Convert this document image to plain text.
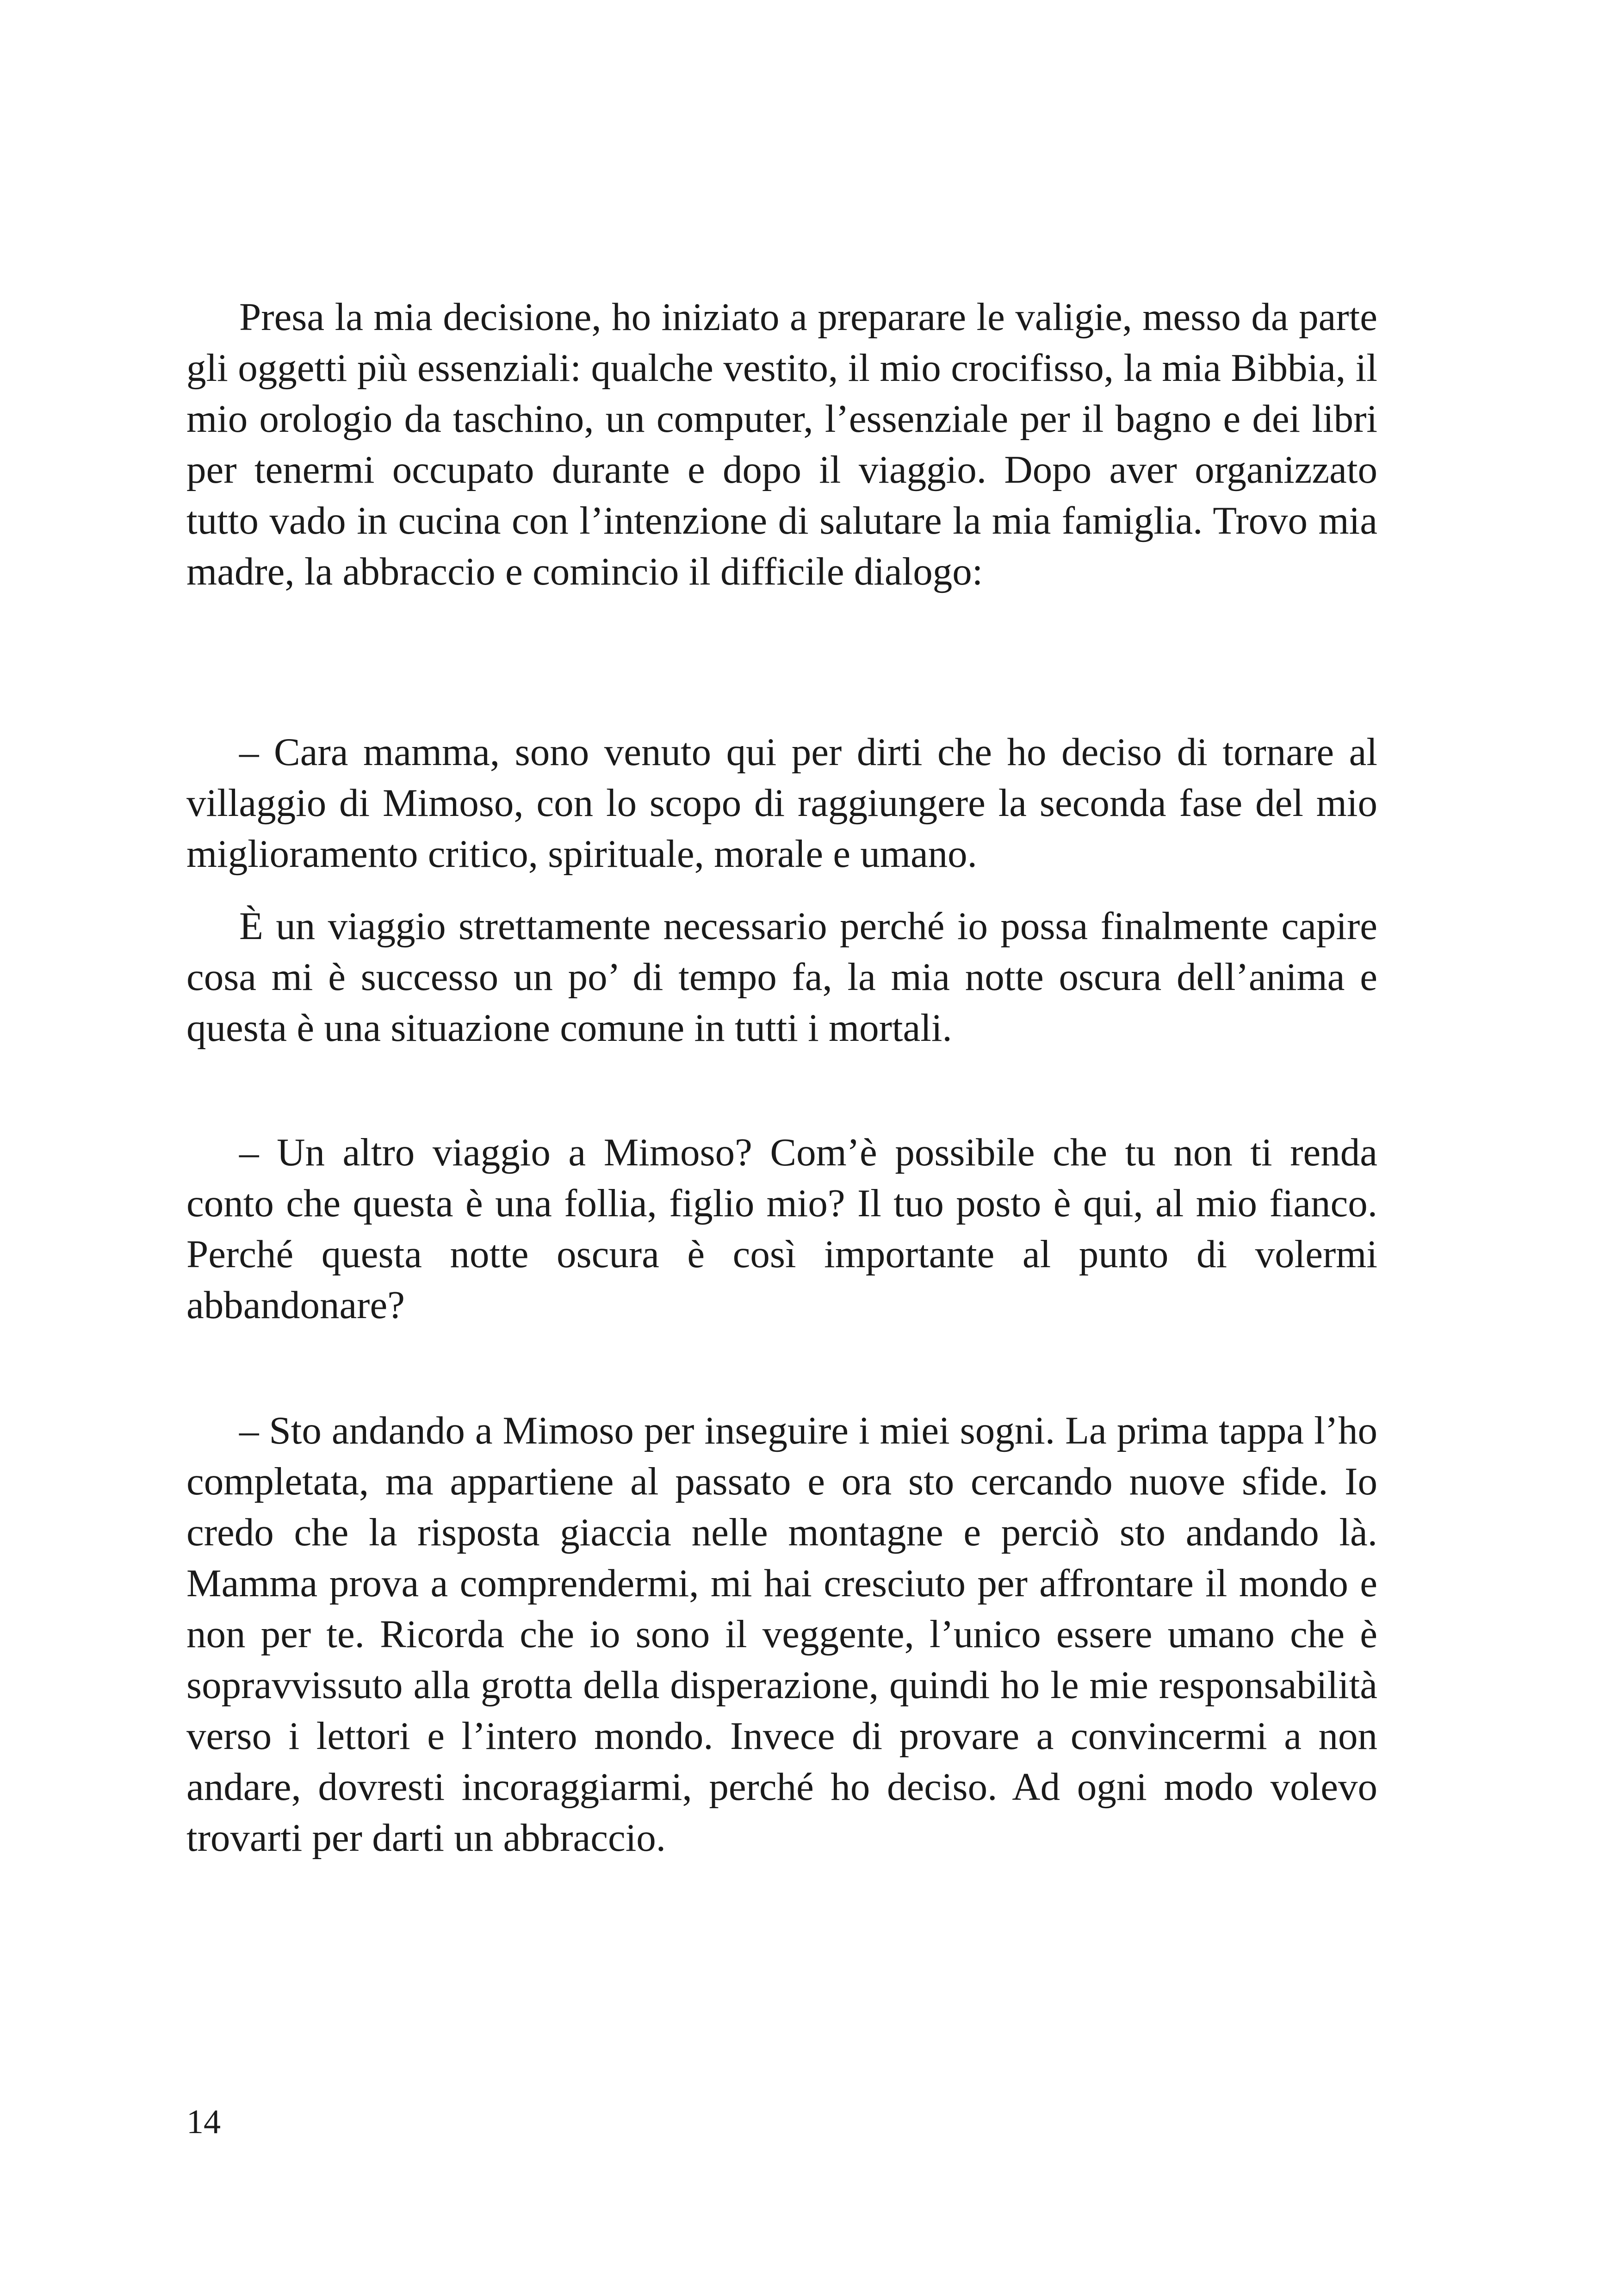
Presa la mia decisione, ho iniziato a preparare le valigie, messo da parte gli oggetti più essenziali: qualche vestito, il mio crocifisso, la mia Bibbia, il mio orologio da taschino, un computer, l’essenziale per il bagno e dei libri per tenermi occupato durante e dopo il viaggio. Dopo aver organizzato tutto vado in cucina con l’intenzione di salutare la mia famiglia. Trovo mia madre, la abbraccio e comincio il difficile dialogo:

– Cara mamma, sono venuto qui per dirti che ho deciso di tornare al villaggio di Mimoso, con lo scopo di raggiungere la seconda fase del mio miglioramento critico, spirituale, morale e umano.

È un viaggio strettamente necessario perché io possa finalmente capire cosa mi è successo un po’ di tempo fa, la mia notte oscura dell’anima e questa è una situazione comune in tutti i mortali.

– Un altro viaggio a Mimoso? Com’è possibile che tu non ti renda conto che questa è una follia, figlio mio? Il tuo posto è qui, al mio fianco. Perché questa notte oscura è così importante al punto di volermi abbandonare?

– Sto andando a Mimoso per inseguire i miei sogni. La prima tappa l’ho completata, ma appartiene al passato e ora sto cercando nuove sfide. Io credo che la risposta giaccia nelle montagne e perciò sto andando là. Mamma prova a comprendermi, mi hai cresciuto per affrontare il mondo e non per te. Ricorda che io sono il veggente, l’unico essere umano che è sopravvissuto alla grotta della disperazione, quindi ho le mie responsabilità verso i lettori e l’intero mondo. Invece di provare a convincermi a non andare, dovresti incoraggiarmi, perché ho deciso. Ad ogni modo volevo trovarti per darti un abbraccio.

14
